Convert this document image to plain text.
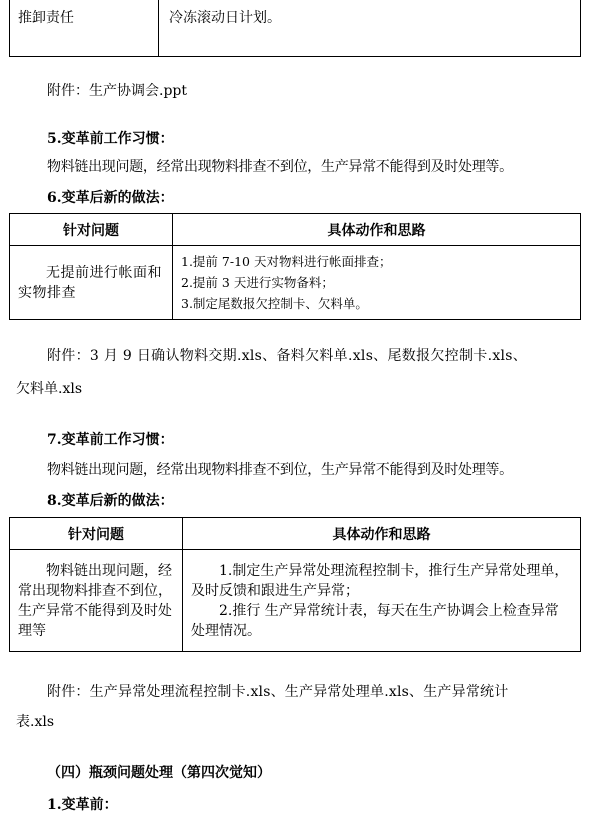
推卸责任	冷冻滚动日计划。
附件：生产协调会.ppt
5.变革前工作习惯：
物料链出现问题，经常出现物料排查不到位，生产异常不能得到及时处理等。
6.变革后新的做法：
针对问题	具体动作和思路

无提前进行帐面和实物排查	1.提前 7-10 天对物料进行帐面排查；
2.提前 3 天进行实物备料；
3.制定尾数报欠控制卡、欠料单。
附件：3 月 9 日确认物料交期.xls、备料欠料单.xls、尾数报欠控制卡.xls、
欠料单.xls
7.变革前工作习惯：
物料链出现问题，经常出现物料排查不到位，生产异常不能得到及时处理等。
8.变革后新的做法：
针对问题	具体动作和思路

物料链出现问题，经常出现物料排查不到位，生产异常不能得到及时处理等	1.制定生产异常处理流程控制卡，推行生产异常处理单，及时反馈和跟进生产异常；
2.推行 生产异常统计表，每天在生产协调会上检查异常处理情况。
附件：生产异常处理流程控制卡.xls、生产异常处理单.xls、生产异常统计
表.xls
（四）瓶颈问题处理（第四次觉知）
1.变革前：
